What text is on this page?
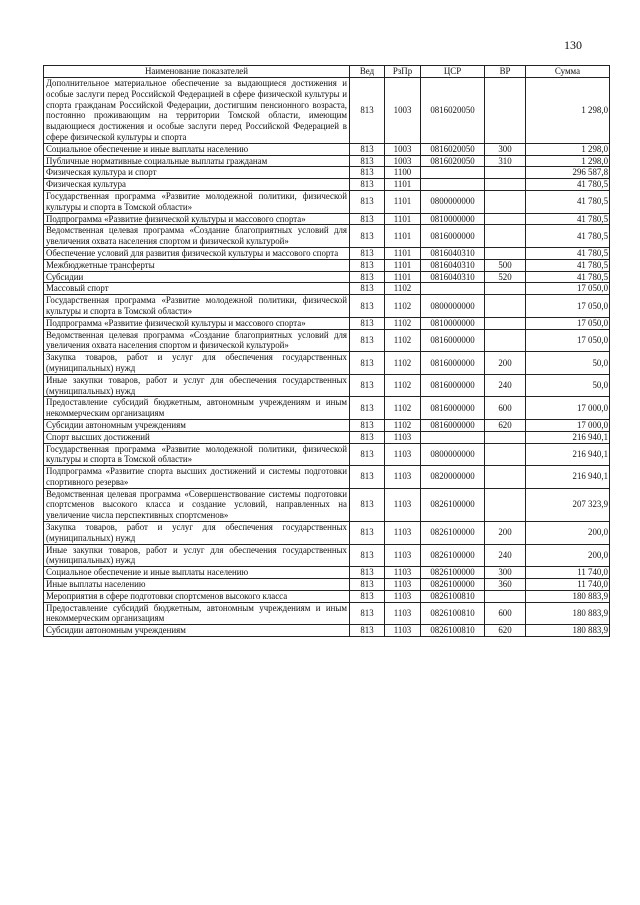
130
Наименование показателей	Вед	РзПр	ЦСР	ВР	Сумма
Дополнительное материальное обеспечение за выдающиеся достижения и особые заслуги перед Российской Федерацией в сфере физической культуры и спорта гражданам Российской Федерации, достигшим пенсионного возраста, постоянно проживающим на территории Томской области, имеющим выдающиеся достижения и особые заслуги перед Российской Федерацией в сфере физической культуры и спорта	813	1003	0816020050		1 298,0
Социальное обеспечение и иные выплаты населению	813	1003	0816020050	300	1 298,0
Публичные нормативные социальные выплаты гражданам	813	1003	0816020050	310	1 298,0
Физическая культура и спорт	813	1100			296 587,8
Физическая культура	813	1101			41 780,5
Государственная программа «Развитие молодежной политики, физической культуры и спорта в Томской области»	813	1101	0800000000		41 780,5
Подпрограмма «Развитие физической культуры и массового спорта»	813	1101	0810000000		41 780,5
Ведомственная целевая программа «Создание благоприятных условий для увеличения охвата населения спортом и физической культурой»	813	1101	0816000000		41 780,5
Обеспечение условий для развития физической культуры и массового спорта	813	1101	0816040310		41 780,5
Межбюджетные трансферты	813	1101	0816040310	500	41 780,5
Субсидии	813	1101	0816040310	520	41 780,5
Массовый спорт	813	1102			17 050,0
Государственная программа «Развитие молодежной политики, физической культуры и спорта в Томской области»	813	1102	0800000000		17 050,0
Подпрограмма «Развитие физической культуры и массового спорта»	813	1102	0810000000		17 050,0
Ведомственная целевая программа «Создание благоприятных условий для увеличения охвата населения спортом и физической культурой»	813	1102	0816000000		17 050,0
Закупка товаров, работ и услуг для обеспечения государственных (муниципальных) нужд	813	1102	0816000000	200	50,0
Иные закупки товаров, работ и услуг для обеспечения государственных (муниципальных) нужд	813	1102	0816000000	240	50,0
Предоставление субсидий бюджетным, автономным учреждениям и иным некоммерческим организациям	813	1102	0816000000	600	17 000,0
Субсидии автономным учреждениям	813	1102	0816000000	620	17 000,0
Спорт высших достижений	813	1103			216 940,1
Государственная программа «Развитие молодежной политики, физической культуры и спорта в Томской области»	813	1103	0800000000		216 940,1
Подпрограмма «Развитие спорта высших достижений и системы подготовки спортивного резерва»	813	1103	0820000000		216 940,1
Ведомственная целевая программа «Совершенствование системы подготовки спортсменов высокого класса и создание условий, направленных на увеличение числа перспективных спортсменов»	813	1103	0826100000		207 323,9
Закупка товаров, работ и услуг для обеспечения государственных (муниципальных) нужд	813	1103	0826100000	200	200,0
Иные закупки товаров, работ и услуг для обеспечения государственных (муниципальных) нужд	813	1103	0826100000	240	200,0
Социальное обеспечение и иные выплаты населению	813	1103	0826100000	300	11 740,0
Иные выплаты населению	813	1103	0826100000	360	11 740,0
Мероприятия в сфере подготовки спортсменов высокого класса	813	1103	0826100810		180 883,9
Предоставление субсидий бюджетным, автономным учреждениям и иным некоммерческим организациям	813	1103	0826100810	600	180 883,9
Субсидии автономным учреждениям	813	1103	0826100810	620	180 883,9
